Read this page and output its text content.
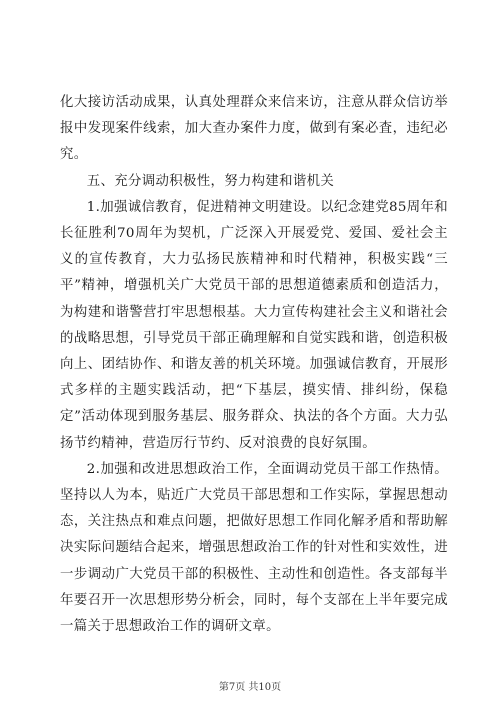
化大接访活动成果，认真处理群众来信来访，注意从群众信访举报中发现案件线索，加大查办案件力度，做到有案必査，违纪必究。

五、充分调动积极性，努力构建和谐机关

1.加强诚信教育，促进精神文明建设。以纪念建党85周年和长征胜利70周年为契机，广泛深入开展爱党、爱国、爱社会主义的宣传教育，大力弘扬民族精神和时代精神，积极实践“三平”精神，增强机关广大党员干部的思想道德素质和创造活力，为构建和谐警营打牢思想根基。大力宣传构建社会主义和谐社会的战略思想，引导党员干部正确理解和自觉实践和谐，创造积极向上、团结协作、和谐友善的机关环境。加强诚信教育，开展形式多样的主题实践活动，把“下基层，摸实情、排纠纷，保稳定”活动体现到服务基层、服务群众、执法的各个方面。大力弘扬节约精神，营造厉行节约、反对浪费的良好氛围。

2.加强和改进思想政治工作，全面调动党员干部工作热情。坚持以人为本，贴近广大党员干部思想和工作实际，掌握思想动态，关注热点和难点问题，把做好思想工作同化解矛盾和帮助解决实际问题结合起来，增强思想政治工作的针对性和实效性，进一步调动广大党员干部的积极性、主动性和创造性。各支部每半年要召开一次思想形势分析会，同时，每个支部在上半年要完成一篇关于思想政治工作的调研文章。

第7页 共10页
